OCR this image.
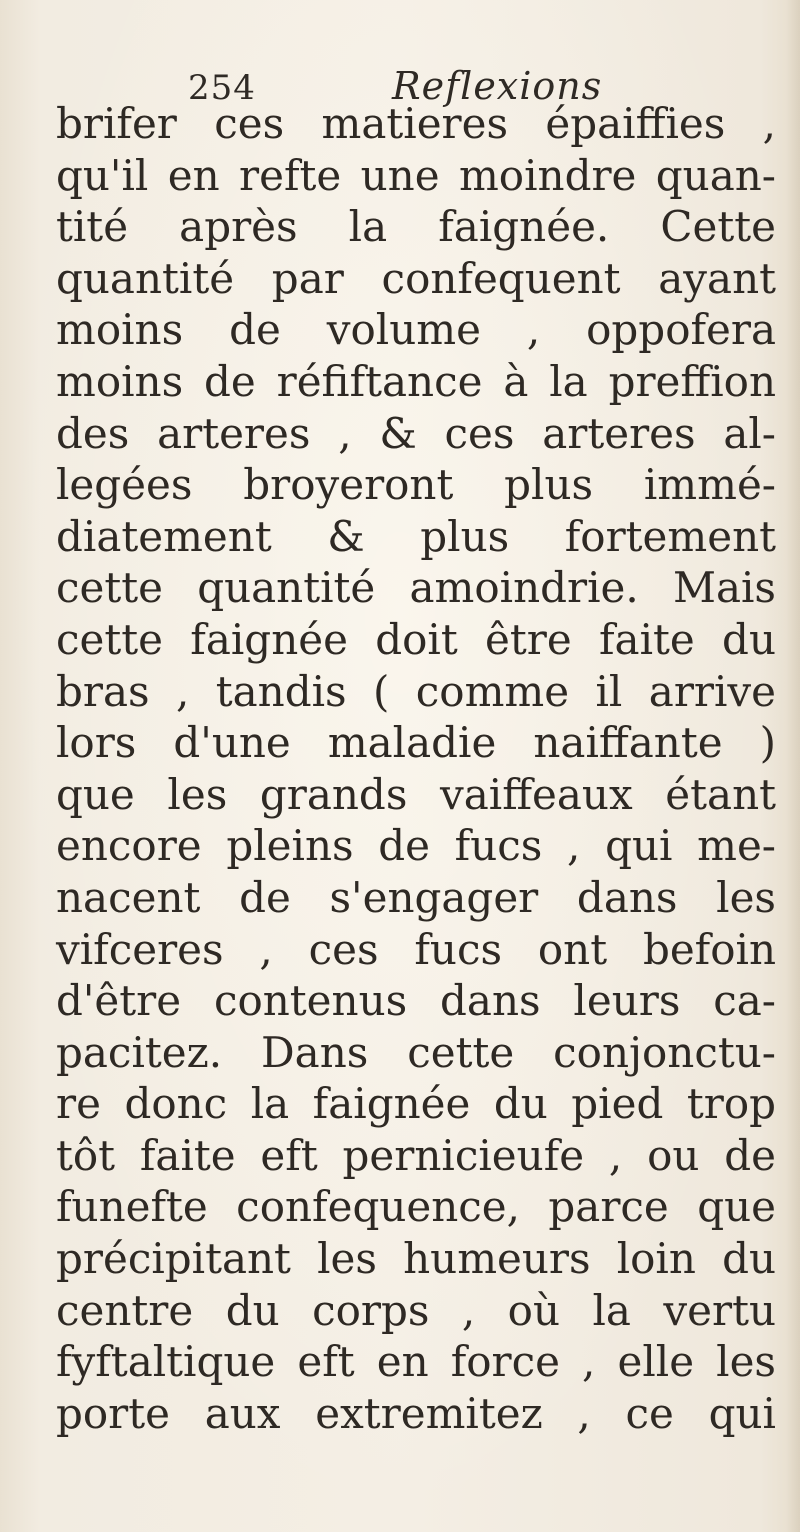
254	Reflexions
brifer ces matieres épaiffies ,
qu'il en refte une moindre quan-
tité après la faignée. Cette
quantité par confequent ayant
moins de volume , oppofera
moins de réfiftance à la preffion
des arteres , & ces arteres al-
legées broyeront plus immé-
diatement & plus fortement
cette quantité amoindrie. Mais
cette faignée doit être faite du
bras , tandis ( comme il arrive
lors d'une maladie naiffante )
que les grands vaiffeaux étant
encore pleins de fucs , qui me-
nacent de s'engager dans les
vifceres , ces fucs ont befoin
d'être contenus dans leurs ca-
pacitez. Dans cette conjonctu-
re donc la faignée du pied trop
tôt faite eft pernicieufe , ou de
funefte confequence, parce que
précipitant les humeurs loin du
centre du corps , où la vertu
fyftaltique eft en force , elle les
porte aux extremitez , ce qui
